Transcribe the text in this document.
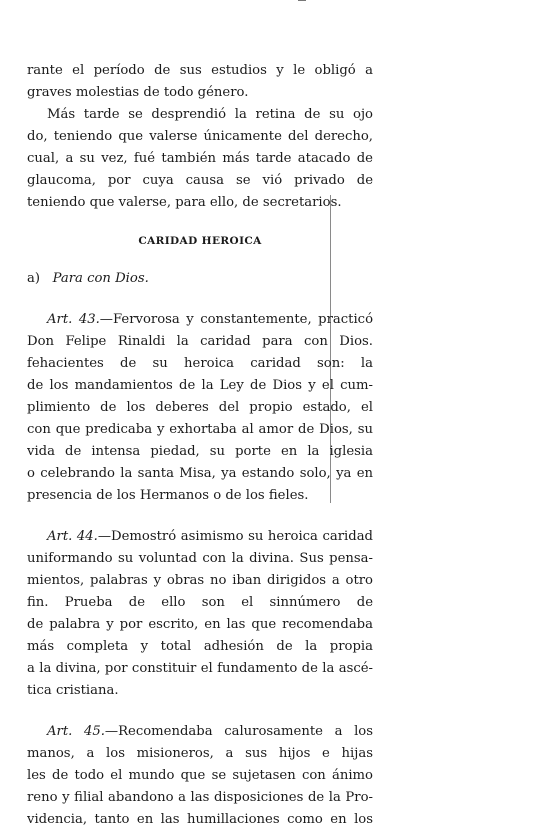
rante el período de sus estudios y le obligó a
graves molestias de todo género.
Más tarde se desprendió la retina de su ojo
do, teniendo que valerse únicamente del derecho,
cual, a su vez, fué también más tarde atacado de
glaucoma, por cuya causa se vió privado de
teniendo que valerse, para ello, de secretarios.
CARIDAD HEROICA
a) Para con Dios.
Art. 43.—Fervorosa y constantemente, practicó
Don Felipe Rinaldi la caridad para con Dios.
fehacientes de su heroica caridad son: la
de los mandamientos de la Ley de Dios y el cum-
plimiento de los deberes del propio estado, el
con que predicaba y exhortaba al amor de Dios, su
vida de intensa piedad, su porte en la iglesia
o celebrando la santa Misa, ya estando solo, ya en
presencia de los Hermanos o de los fieles.
Art. 44.—Demostró asimismo su heroica caridad
uniformando su voluntad con la divina. Sus pensa-
mientos, palabras y obras no iban dirigidos a otro
fin. Prueba de ello son el sinnúmero de
de palabra y por escrito, en las que recomendaba
más completa y total adhesión de la propia
a la divina, por constituir el fundamento de la ascé-
tica cristiana.
Art. 45.—Recomendaba calurosamente a los
manos, a los misioneros, a sus hijos e hijas
les de todo el mundo que se sujetasen con ánimo
reno y filial abandono a las disposiciones de la Pro-
videncia, tanto en las humillaciones como en los
